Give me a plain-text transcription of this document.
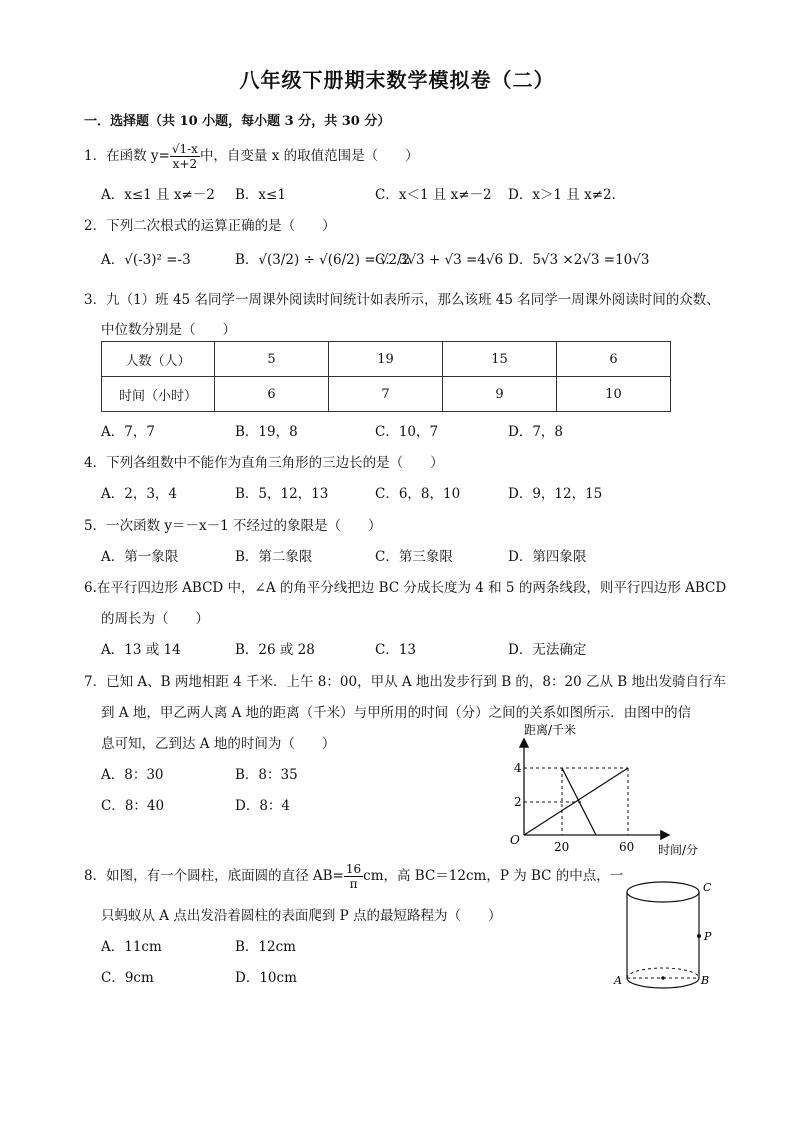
八年级下册期末数学模拟卷（二）
一．选择题（共 10 小题，每小题 3 分，共 30 分）
1．在函数 $y= \frac{√1-x}{x+2}$ 中，自变量 x 的取值范围是（　　）
A．x≤1 且 x≠－2 B．x≤1	C．x＜1 且 x≠－2 D．x＞1 且 x≠2．
2．下列二次根式的运算正确的是（　　）
A．√(-3)² =-3	B．√(3/2) ÷ √(6/2) = √2/2
C．3√3 + √3 =4√6 D．5√3 ×2√3 =10√3
3．九（1）班 45 名同学一周课外阅读时间统计如表所示，那么该班 45 名同学一周课外阅读时间的众数、
中位数分别是（　　）
人数（人）	5	19	15	6
时间（小时）	6	7	9	10
A．7，7	B．19，8	C．10，7	D．7，8
4．下列各组数中不能作为直角三角形的三边长的是（　　）
A．2，3，4	B．5，12，13	C．6，8，10	D．9，12，15
5．一次函数 y＝－x－1 不经过的象限是（　　）
A．第一象限	B．第二象限	C．第三象限	D．第四象限
6.在平行四边形 ABCD 中，∠A 的角平分线把边 BC 分成长度为 4 和 5 的两条线段，则平行四边形 ABCD
的周长为（　　）
A．13 或 14	B．26 或 28	C．13	D．无法确定
7．已知 A、B 两地相距 4 千米．上午 8：00，甲从 A 地出发步行到 B 的，8：20 乙从 B 地出发骑自行车
到 A 地，甲乙两人离 A 地的距离（千米）与甲所用的时间（分）之间的关系如图所示．由图中的信
息可知，乙到达 A 地的时间为（　　）
A．8：30	B．8：35
C．8：40	D．8：4
距离/千米
4
2
O	20	60 时间/分
8．如图，有一个圆柱，底面圆的直径 $AB= \frac{16}{\pi}$ cm，高 BC＝12cm，P 为 BC 的中点，一
只蚂蚁从 A 点出发沿着圆柱的表面爬到 P 点的最短路程为（　　）
A．11cm	B．12cm
C．9cm	D．10cm
C
P
A	B
